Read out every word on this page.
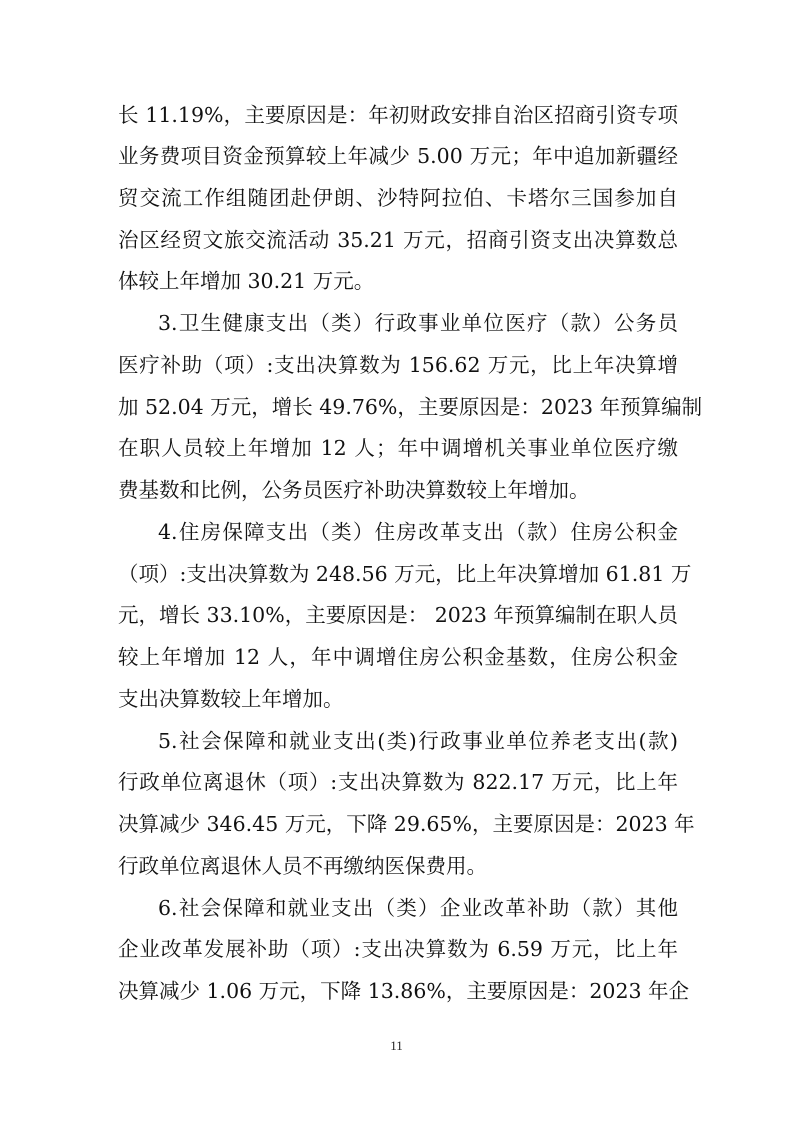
长 11.19%，主要原因是：年初财政安排自治区招商引资专项
业务费项目资金预算较上年减少 5.00 万元；年中追加新疆经
贸交流工作组随团赴伊朗、沙特阿拉伯、卡塔尔三国参加自
治区经贸文旅交流活动 35.21 万元，招商引资支出决算数总
体较上年增加 30.21 万元。
3.卫生健康支出（类）行政事业单位医疗（款）公务员
医疗补助（项）:支出决算数为 156.62 万元，比上年决算增
加 52.04 万元，增长 49.76%，主要原因是：2023 年预算编制
在职人员较上年增加 12 人；年中调增机关事业单位医疗缴
费基数和比例，公务员医疗补助决算数较上年增加。
4.住房保障支出（类）住房改革支出（款）住房公积金
（项）:支出决算数为 248.56 万元，比上年决算增加 61.81 万
元，增长 33.10%，主要原因是： 2023 年预算编制在职人员
较上年增加 12 人，年中调增住房公积金基数，住房公积金
支出决算数较上年增加。
5.社会保障和就业支出(类)行政事业单位养老支出(款)
行政单位离退休（项）:支出决算数为 822.17 万元，比上年
决算减少 346.45 万元，下降 29.65%，主要原因是：2023 年
行政单位离退休人员不再缴纳医保费用。
6.社会保障和就业支出（类）企业改革补助（款）其他
企业改革发展补助（项）:支出决算数为 6.59 万元，比上年
决算减少 1.06 万元，下降 13.86%，主要原因是：2023 年企
11
